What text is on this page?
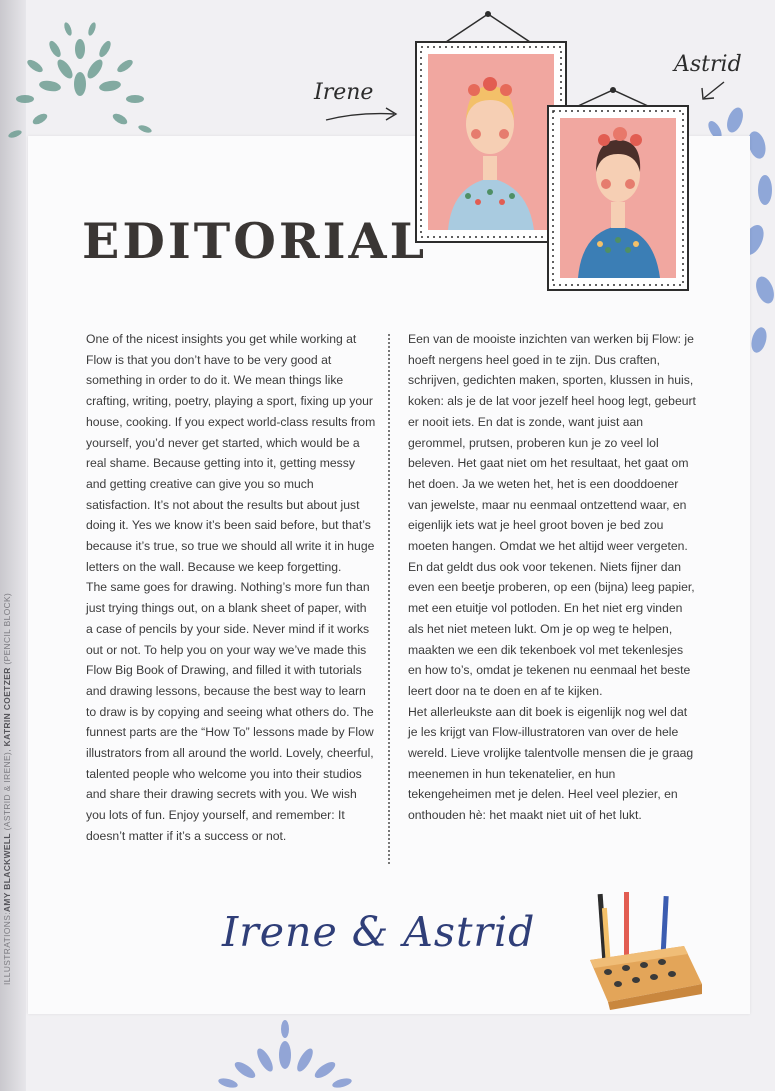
ILLUSTRATIONS:AMY BLACKWELL (ASTRID & IRENE), KATRIN COETZER (PENCIL BLOCK)
Irene
Astrid
EDITORIAL

One of the nicest insights you get while working at Flow is that you don’t have to be very good at something in order to do it. We mean things like crafting, writing, poetry, playing a sport, fixing up your house, cooking. If you expect world-class results from yourself, you’d never get started, which would be a real shame. Because getting into it, getting messy and getting creative can give you so much satisfaction. It’s not about the results but about just doing it. Yes we know it’s been said before, but that’s because it’s true, so true we should all write it in huge letters on the wall. Because we keep forgetting.

The same goes for drawing. Nothing’s more fun than just trying things out, on a blank sheet of paper, with a case of pencils by your side. Never mind if it works out or not. To help you on your way we’ve made this Flow Big Book of Drawing, and filled it with tutorials and drawing lessons, because the best way to learn to draw is by copying and seeing what others do. The funnest parts are the “How To” lessons made by Flow illustrators from all around the world. Lovely, cheerful, talented people who welcome you into their studios and share their drawing secrets with you. We wish you lots of fun. Enjoy yourself, and remember: It doesn’t matter if it’s a success or not.

Een van de mooiste inzichten van werken bij Flow: je hoeft nergens heel goed in te zijn. Dus craften, schrijven, gedichten maken, sporten, klussen in huis, koken: als je de lat voor jezelf heel hoog legt, gebeurt er nooit iets. En dat is zonde, want juist aan gerommel, prutsen, proberen kun je zo veel lol beleven. Het gaat niet om het resultaat, het gaat om het doen. Ja we weten het, het is een dooddoener van jewelste, maar nu eenmaal ontzettend waar, en eigenlijk iets wat je heel groot boven je bed zou moeten hangen. Omdat we het altijd weer vergeten. En dat geldt dus ook voor tekenen. Niets fijner dan even een beetje proberen, op een (bijna) leeg papier, met een etuitje vol potloden. En het niet erg vinden als het niet meteen lukt. Om je op weg te helpen, maakten we een dik tekenboek vol met tekenlesjes en how to’s, omdat je tekenen nu eenmaal het beste leert door na te doen en af te kijken.

Het allerleukste aan dit boek is eigenlijk nog wel dat je les krijgt van Flow-illustratoren van over de hele wereld. Lieve vrolijke talentvolle mensen die je graag meenemen in hun tekenatelier, en hun tekengeheimen met je delen. Heel veel plezier, en onthouden hè: het maakt niet uit of het lukt.

Irene & Astrid
